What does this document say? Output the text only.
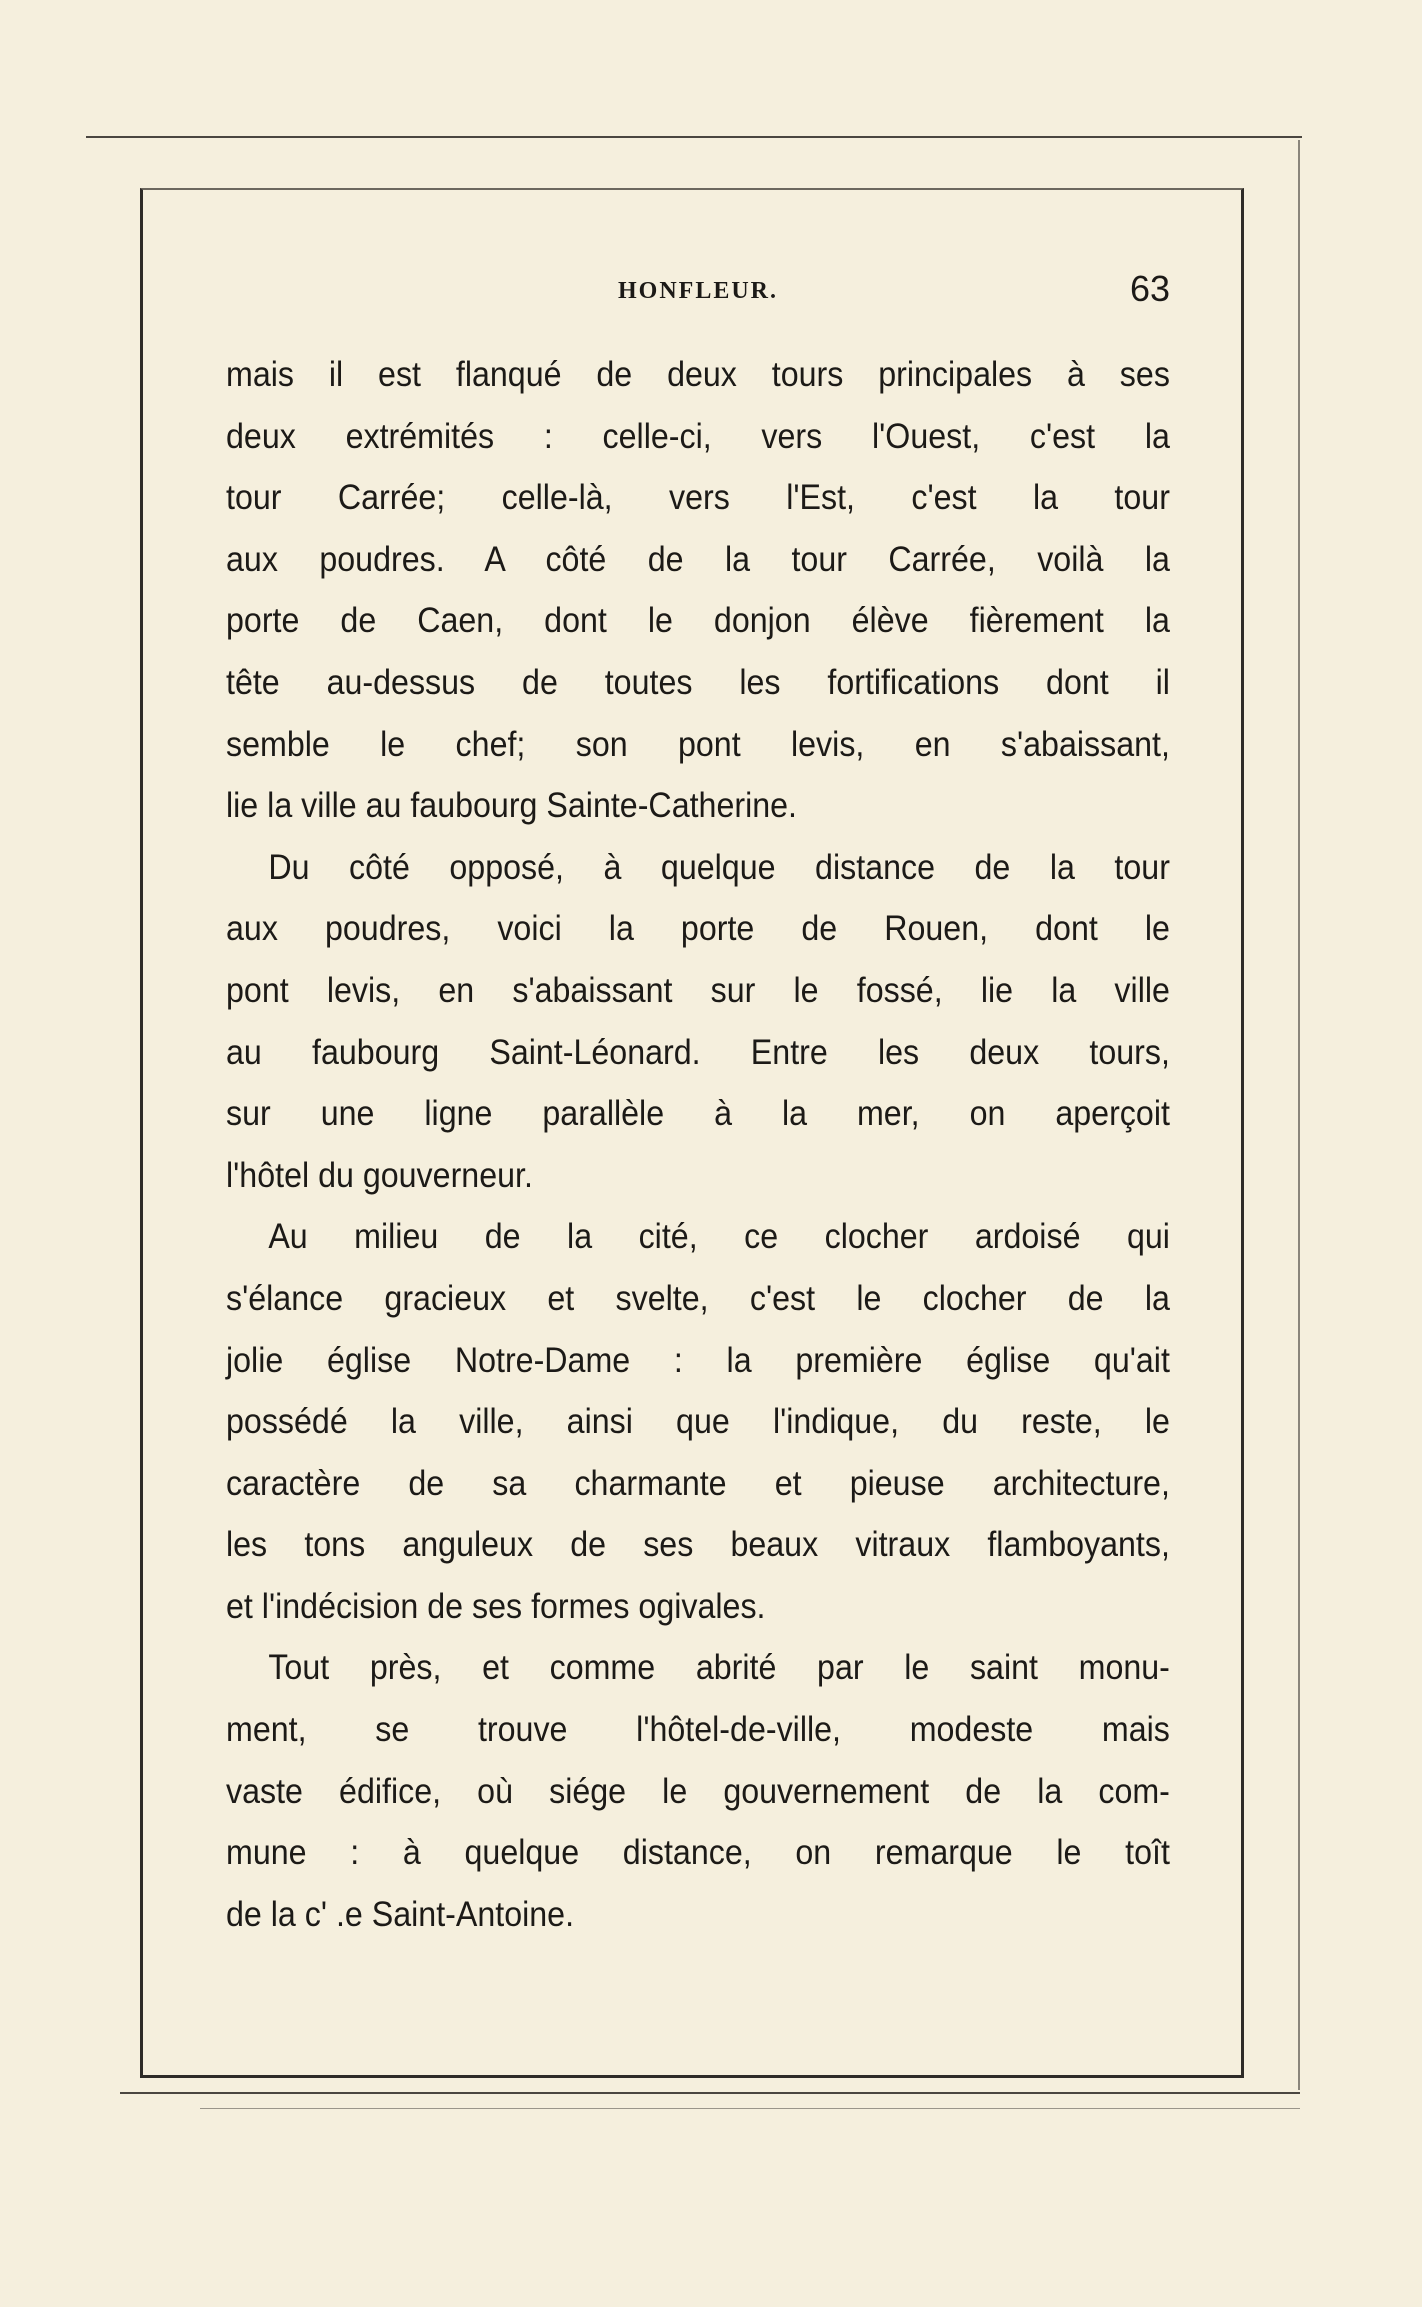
HONFLEUR.	63
mais il est flanqué de deux tours principales à ses
deux extrémités : celle-ci, vers l'Ouest, c'est la
tour Carrée; celle-là, vers l'Est, c'est la tour
aux poudres. A côté de la tour Carrée, voilà la
porte de Caen, dont le donjon élève fièrement la
tête au-dessus de toutes les fortifications dont il
semble le chef; son pont levis, en s'abaissant,
lie la ville au faubourg Sainte-Catherine.
Du côté opposé, à quelque distance de la tour
aux poudres, voici la porte de Rouen, dont le
pont levis, en s'abaissant sur le fossé, lie la ville
au faubourg Saint-Léonard. Entre les deux tours,
sur une ligne parallèle à la mer, on aperçoit
l'hôtel du gouverneur.
Au milieu de la cité, ce clocher ardoisé qui
s'élance gracieux et svelte, c'est le clocher de la
jolie église Notre-Dame : la première église qu'ait
possédé la ville, ainsi que l'indique, du reste, le
caractère de sa charmante et pieuse architecture,
les tons anguleux de ses beaux vitraux flamboyants,
et l'indécision de ses formes ogivales.
Tout près, et comme abrité par le saint monu-
ment, se trouve l'hôtel-de-ville, modeste mais
vaste édifice, où siége le gouvernement de la com-
mune : à quelque distance, on remarque le toît
de la c' .e Saint-Antoine.
